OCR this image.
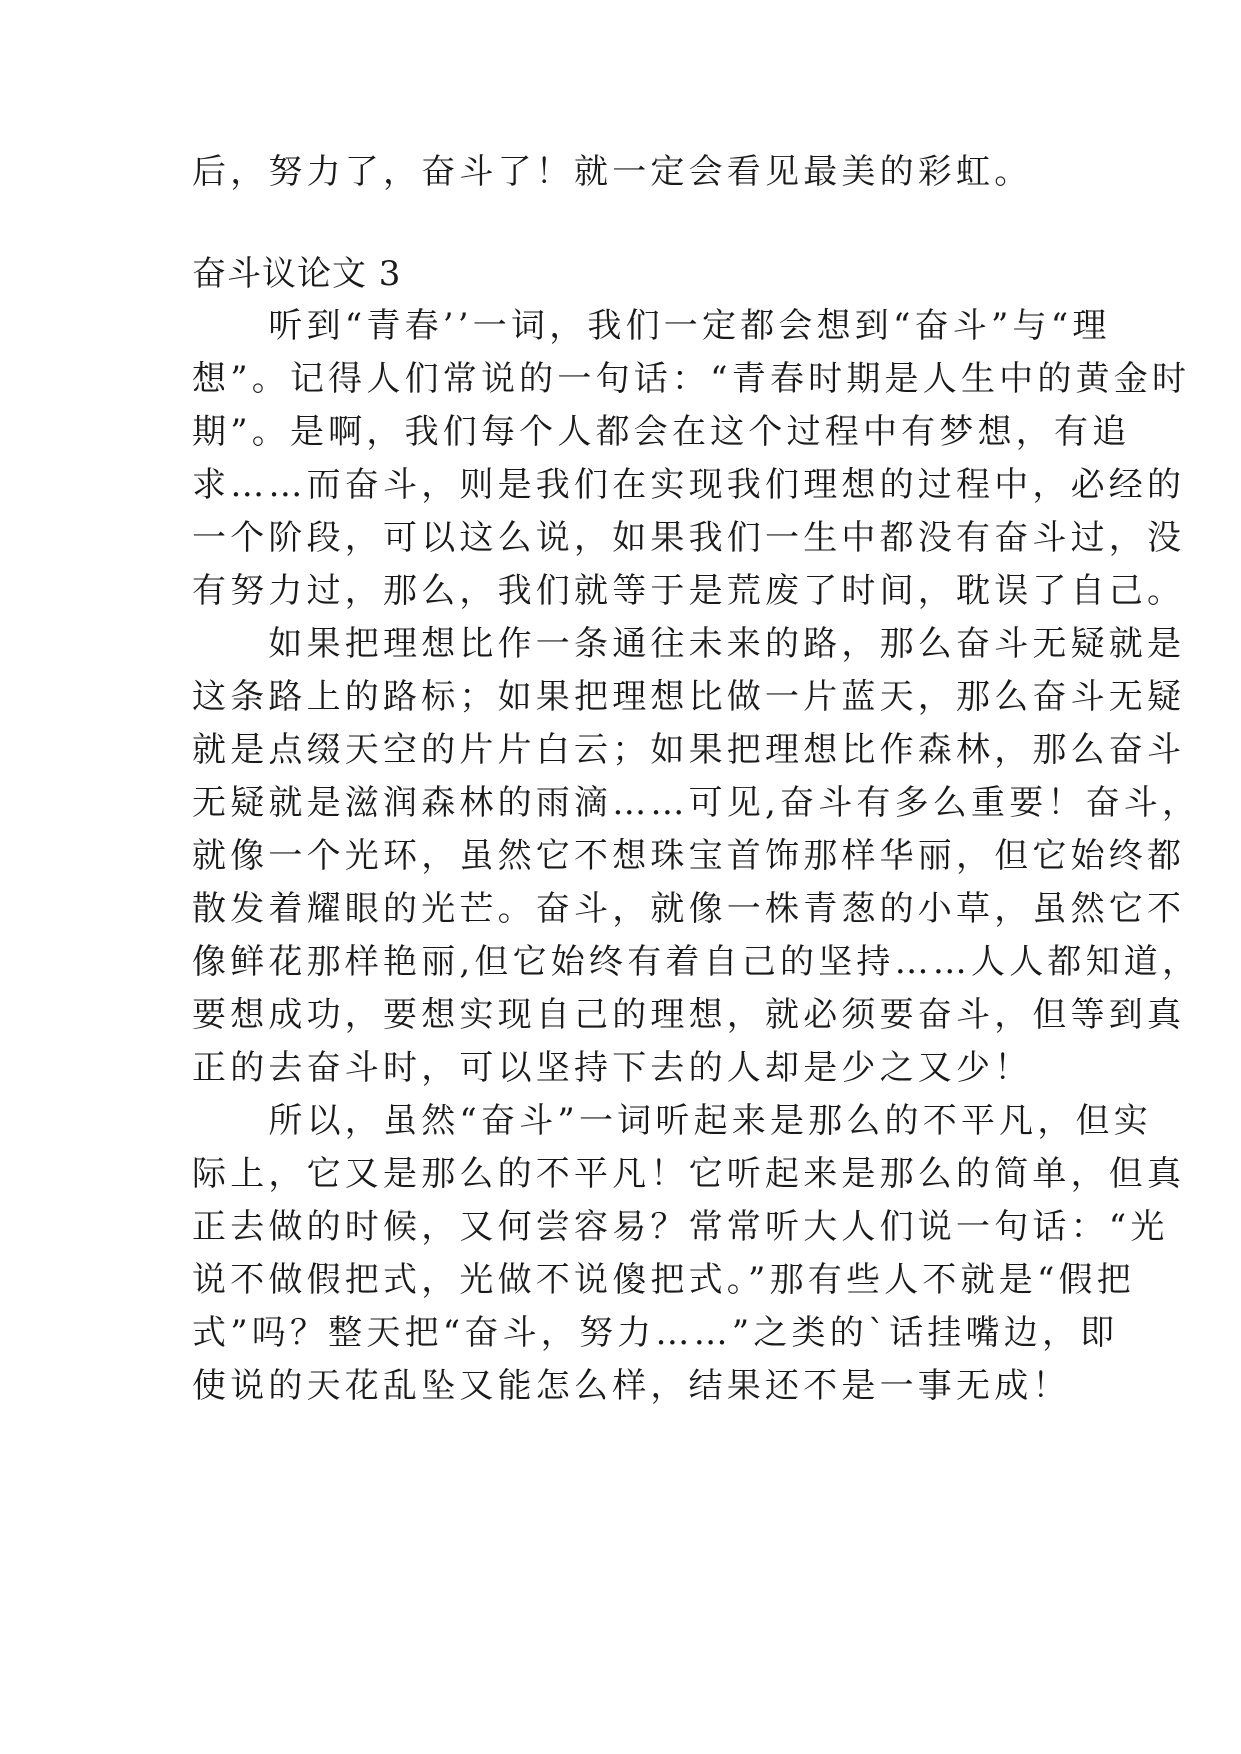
后，努力了，奋斗了！就一定会看见最美的彩虹。
奋斗议论文 3
　　听到“青春’’一词，我们一定都会想到“奋斗”与“理
想”。记得人们常说的一句话：“青春时期是人生中的黄金时
期”。是啊，我们每个人都会在这个过程中有梦想，有追
求……而奋斗，则是我们在实现我们理想的过程中，必经的
一个阶段，可以这么说，如果我们一生中都没有奋斗过，没
有努力过，那么，我们就等于是荒废了时间，耽误了自己。
　　如果把理想比作一条通往未来的路，那么奋斗无疑就是
这条路上的路标；如果把理想比做一片蓝天，那么奋斗无疑
就是点缀天空的片片白云；如果把理想比作森林，那么奋斗
无疑就是滋润森林的雨滴……可见,奋斗有多么重要！奋斗，
就像一个光环，虽然它不想珠宝首饰那样华丽，但它始终都
散发着耀眼的光芒。奋斗，就像一株青葱的小草，虽然它不
像鲜花那样艳丽,但它始终有着自己的坚持……人人都知道，
要想成功，要想实现自己的理想，就必须要奋斗，但等到真
正的去奋斗时，可以坚持下去的人却是少之又少！
　　所以，虽然“奋斗”一词听起来是那么的不平凡，但实
际上，它又是那么的不平凡！它听起来是那么的简单，但真
正去做的时候，又何尝容易？常常听大人们说一句话：“光
说不做假把式，光做不说傻把式。”那有些人不就是“假把
式”吗？整天把“奋斗，努力……”之类的`话挂嘴边，即
使说的天花乱坠又能怎么样，结果还不是一事无成！
